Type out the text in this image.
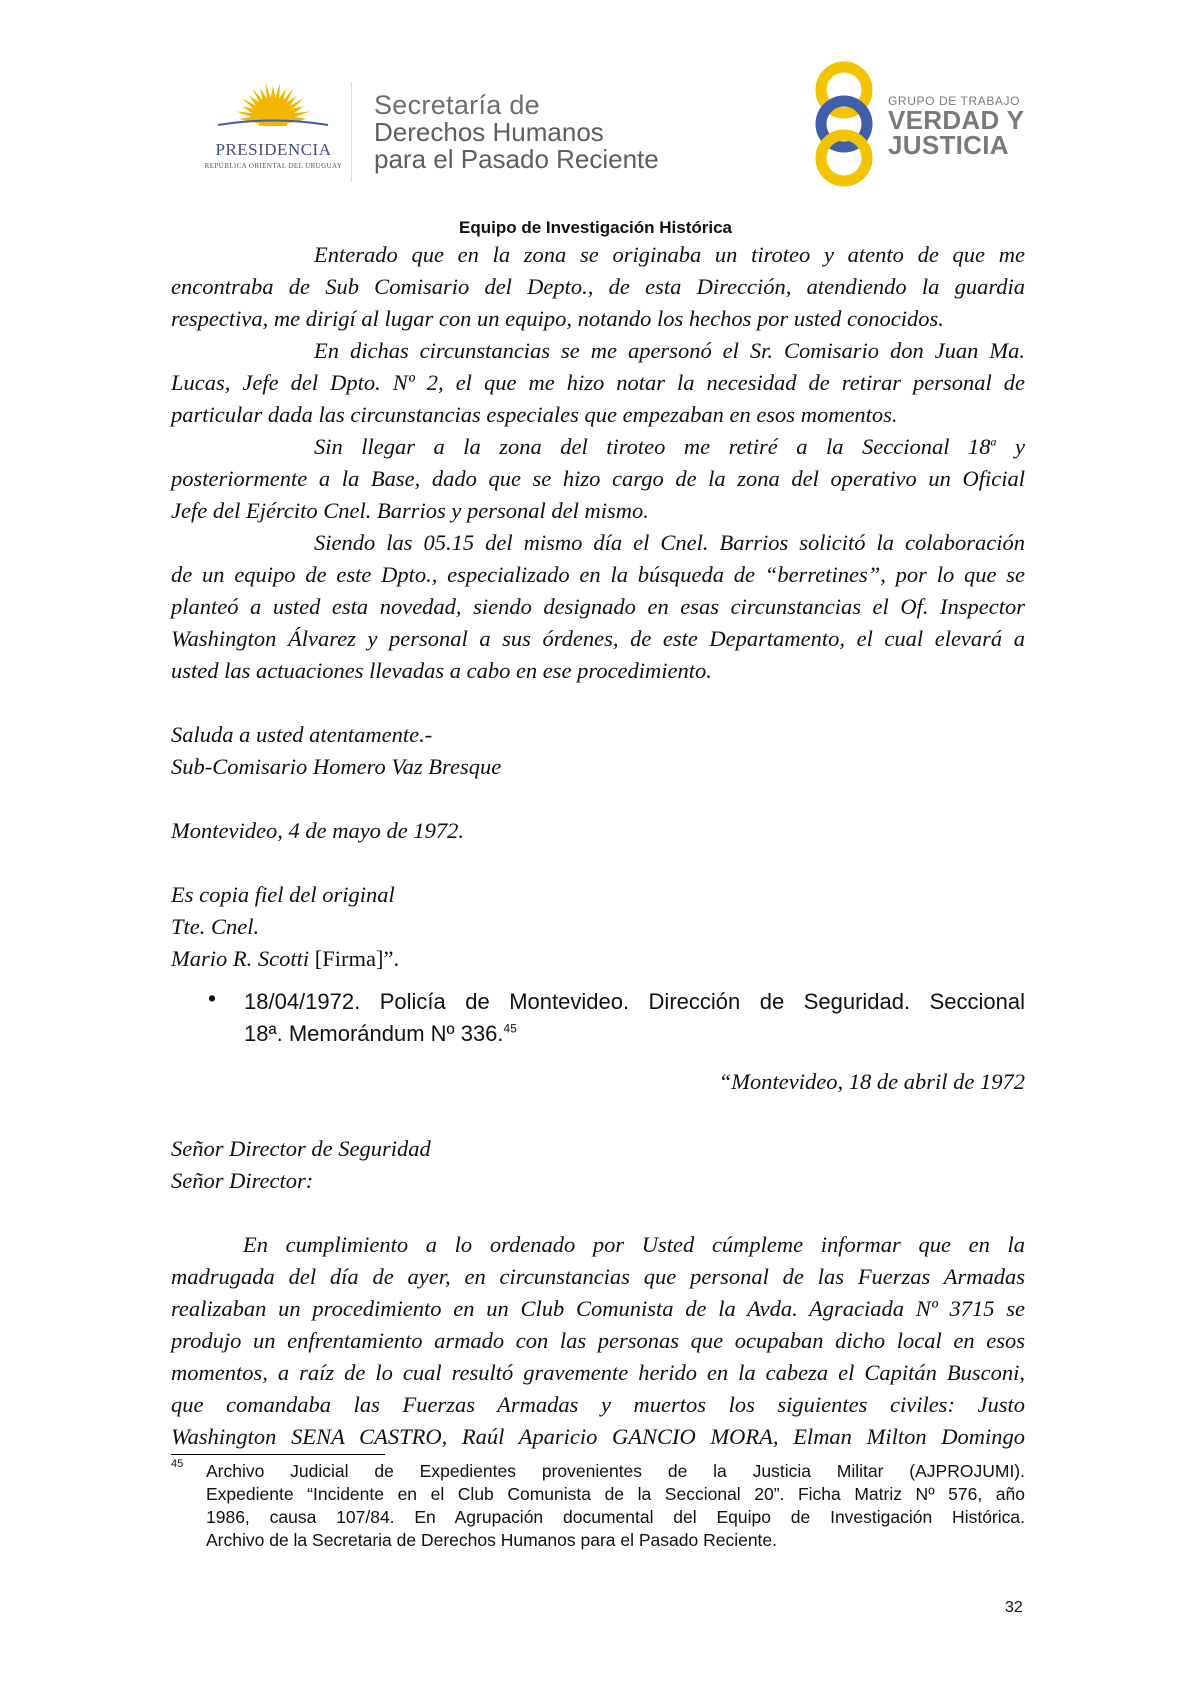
PRESIDENCIA
REPÚBLICA ORIENTAL DEL URUGUAY
Secretaría de
Derechos Humanos
para el Pasado Reciente
GRUPO DE TRABAJO
VERDAD Y
JUSTICIA
Equipo de Investigación Histórica
Enterado que en la zona se originaba un tiroteo y atento de que me
encontraba de Sub Comisario del Depto., de esta Dirección, atendiendo la guardia
respectiva, me dirigí al lugar con un equipo, notando los hechos por usted conocidos.
En dichas circunstancias se me apersonó el Sr. Comisario don Juan Ma.
Lucas, Jefe del Dpto. Nº 2, el que me hizo notar la necesidad de retirar personal de
particular dada las circunstancias especiales que empezaban en esos momentos.
Sin llegar a la zona del tiroteo me retiré a la Seccional 18$^a$ y
posteriormente a la Base, dado que se hizo cargo de la zona del operativo un Oficial
Jefe del Ejército Cnel. Barrios y personal del mismo.
Siendo las 05.15 del mismo día el Cnel. Barrios solicitó la colaboración
de un equipo de este Dpto., especializado en la búsqueda de “berretines”, por lo que se
planteó a usted esta novedad, siendo designado en esas circunstancias el Of. Inspector
Washington Álvarez y personal a sus órdenes, de este Departamento, el cual elevará a
usted las actuaciones llevadas a cabo en ese procedimiento.
Saluda a usted atentamente.-
Sub-Comisario Homero Vaz Bresque
Montevideo, 4 de mayo de 1972.
Es copia fiel del original
Tte. Cnel.
Mario R. Scotti [Firma]”.
• 18/04/1972. Policía de Montevideo. Dirección de Seguridad. Seccional
18ª. Memorándum Nº 336.45
“Montevideo, 18 de abril de 1972
Señor Director de Seguridad
Señor Director:
En cumplimiento a lo ordenado por Usted cúmpleme informar que en la
madrugada del día de ayer, en circunstancias que personal de las Fuerzas Armadas
realizaban un procedimiento en un Club Comunista de la Avda. Agraciada Nº 3715 se
produjo un enfrentamiento armado con las personas que ocupaban dicho local en esos
momentos, a raíz de lo cual resultó gravemente herido en la cabeza el Capitán Busconi,
que comandaba las Fuerzas Armadas y muertos los siguientes civiles: Justo
Washington SENA CASTRO, Raúl Aparicio GANCIO MORA, Elman Milton Domingo
45 Archivo Judicial de Expedientes provenientes de la Justicia Militar (AJPROJUMI).
Expediente “Incidente en el Club Comunista de la Seccional 20”. Ficha Matriz Nº 576, año
1986, causa 107/84. En Agrupación documental del Equipo de Investigación Histórica.
Archivo de la Secretaria de Derechos Humanos para el Pasado Reciente.
32
